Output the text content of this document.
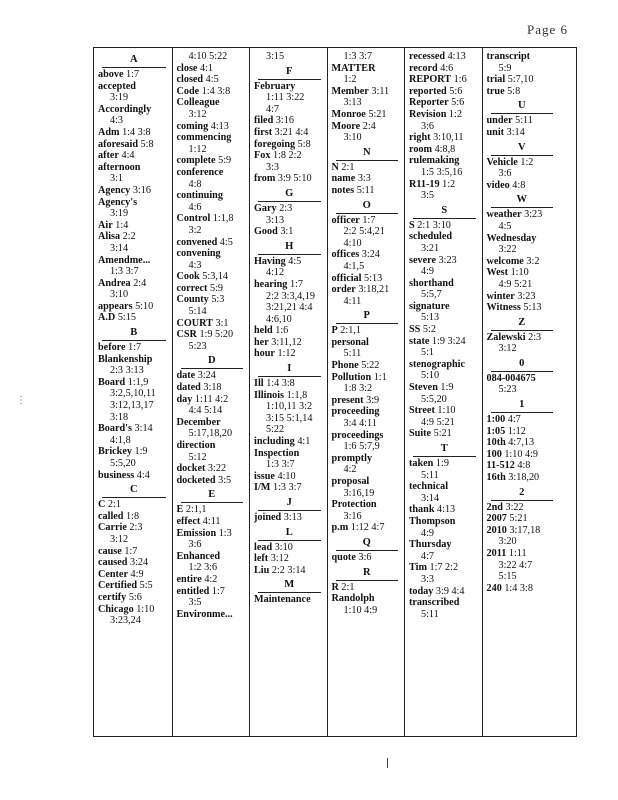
Page 6
A
above 1:7
accepted
3:19
Accordingly
4:3
Adm 1:4 3:8
aforesaid 5:8
after 4:4
afternoon
3:1
Agency 3:16
Agency's
3:19
Air 1:4
Alisa 2:2
3:14
Amendme...
1:3 3:7
Andrea 2:4
3:10
appears 5:10
A.D 5:15
B
before 1:7
Blankenship
2:3 3:13
Board 1:1,9
3:2,5,10,11
3:12,13,17
3:18
Board's 3:14
4:1,8
Brickey 1:9
5:5,20
business 4:4
C
C 2:1
called 1:8
Carrie 2:3
3:12
cause 1:7
caused 3:24
Center 4:9
Certified 5:5
certify 5:6
Chicago 1:10
3:23,24
4:10 5:22
close 4:1
closed 4:5
Code 1:4 3:8
Colleague
3:12
coming 4:13
commencing
1:12
complete 5:9
conference
4:8
continuing
4:6
Control 1:1,8
3:2
convened 4:5
convening
4:3
Cook 5:3,14
correct 5:9
County 5:3
5:14
COURT 3:1
CSR 1:9 5:20
5:23
D
date 3:24
dated 3:18
day 1:11 4:2
4:4 5:14
December
5:17,18,20
direction
5:12
docket 3:22
docketed 3:5
E
E 2:1,1
effect 4:11
Emission 1:3
3:6
Enhanced
1:2 3:6
entire 4:2
entitled 1:7
3:5
Environme...
3:15
F
February
1:11 3:22
4:7
filed 3:16
first 3:21 4:4
foregoing 5:8
Fox 1:8 2:2
3:3
from 3:9 5:10
G
Gary 2:3
3:13
Good 3:1
H
Having 4:5
4:12
hearing 1:7
2:2 3:3,4,19
3:21,21 4:4
4:6,10
held 1:6
her 3:11,12
hour 1:12
I
Ill 1:4 3:8
Illinois 1:1,8
1:10,11 3:2
3:15 5:1,14
5:22
including 4:1
Inspection
1:3 3:7
issue 4:10
I/M 1:3 3:7
J
joined 3:13
L
lead 3:10
left 3:12
Liu 2:2 3:14
M
Maintenance
1:3 3:7
MATTER
1:2
Member 3:11
3:13
Monroe 5:21
Moore 2:4
3:10
N
N 2:1
name 3:3
notes 5:11
O
officer 1:7
2:2 5:4,21
4:10
offices 3:24
4:1,5
official 5:13
order 3:18,21
4:11
P
P 2:1,1
personal
5:11
Phone 5:22
Pollution 1:1
1:8 3:2
present 3:9
proceeding
3:4 4:11
proceedings
1:6 5:7,9
promptly
4:2
proposal
3:16,19
Protection
3:16
p.m 1:12 4:7
Q
quote 3:6
R
R 2:1
Randolph
1:10 4:9
recessed 4:13
record 4:6
REPORT 1:6
reported 5:6
Reporter 5:6
Revision 1:2
3:6
right 3:10,11
room 4:8,8
rulemaking
1:5 3:5,16
R11-19 1:2
3:5
S
S 2:1 3:10
scheduled
3:21
severe 3:23
4:9
shorthand
5:5,7
signature
5:13
SS 5:2
state 1:9 3:24
5:1
stenographic
5:10
Steven 1:9
5:5,20
Street 1:10
4:9 5:21
Suite 5:21
T
taken 1:9
5:11
technical
3:14
thank 4:13
Thompson
4:9
Thursday
4:7
Tim 1:7 2:2
3:3
today 3:9 4:4
transcribed
5:11
transcript
5:9
trial 5:7,10
true 5:8
U
under 5:11
unit 3:14
V
Vehicle 1:2
3:6
video 4:8
W
weather 3:23
4:5
Wednesday
3:22
welcome 3:2
West 1:10
4:9 5:21
winter 3:23
Witness 5:13
Z
Zalewski 2:3
3:12
0
084-004675
5:23
1
1:00 4:7
1:05 1:12
10th 4:7,13
100 1:10 4:9
11-512 4:8
16th 3:18,20
2
2nd 3:22
2007 5:21
2010 3:17,18
3:20
2011 1:11
3:22 4:7
5:15
240 1:4 3:8
⋮
